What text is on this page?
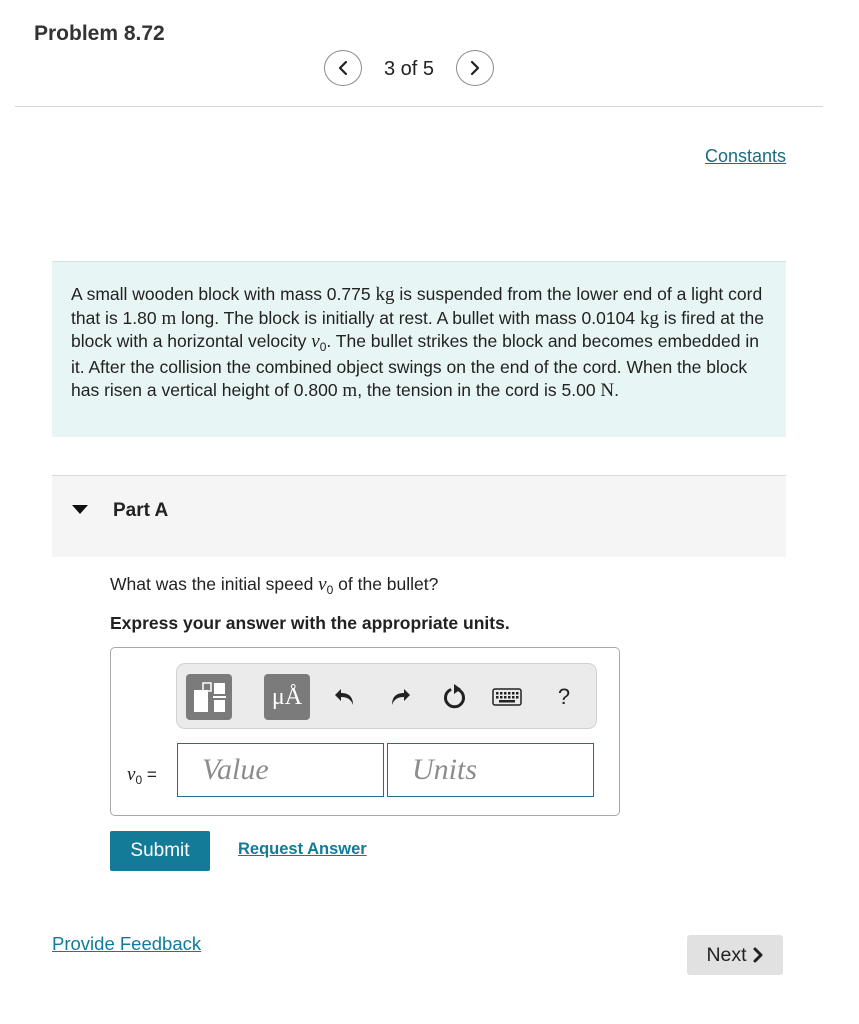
Problem 8.72
3 of 5
Constants
A small wooden block with mass 0.775 kg is suspended from the lower end of a light cord that is 1.80 m long. The block is initially at rest. A bullet with mass 0.0104 kg is fired at the block with a horizontal velocity $v_0$. The bullet strikes the block and becomes embedded in it. After the collision the combined object swings on the end of the cord. When the block has risen a vertical height of 0.800 m, the tension in the cord is 5.00 N.
Part A
What was the initial speed $v_0$ of the bullet?
Express your answer with the appropriate units.
μÅ	?
$v_0$ =	Value	Units
Submit	Request Answer
Provide Feedback	Next
